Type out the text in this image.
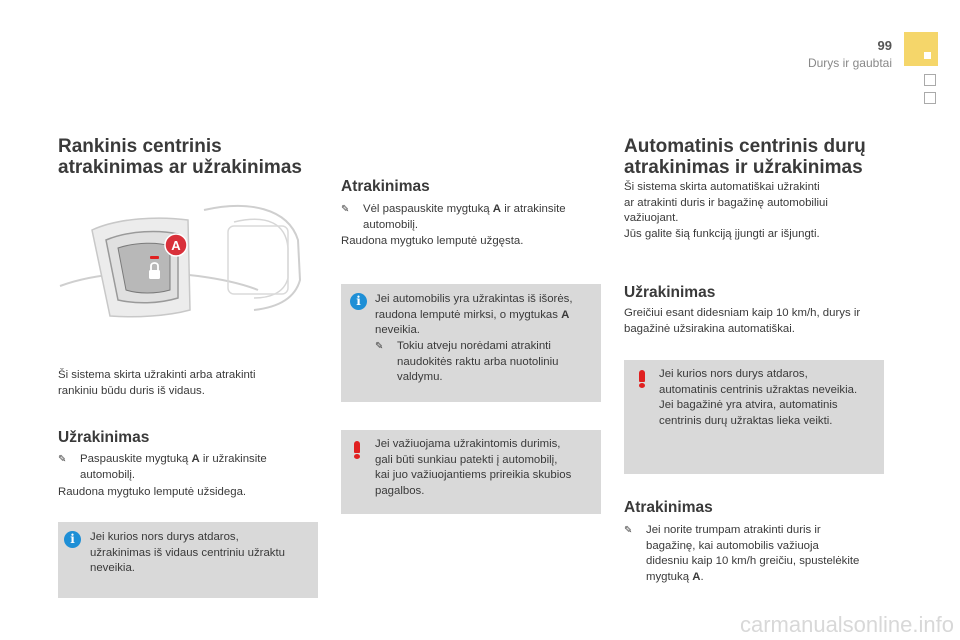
99
Durys ir gaubtai
Rankinis centrinis
atrakinimas ar užrakinimas
A
Ši sistema skirta užrakinti arba atrakinti
rankiniu būdu duris iš vidaus.
Užrakinimas
✎ Paspauskite mygtuką A ir užrakinsite
automobilį.
Raudona mygtuko lemputė užsidega.
i	Jei kurios nors durys atdaros,
užrakinimas iš vidaus centriniu užraktu
neveikia.
Atrakinimas
✎ Vėl paspauskite mygtuką A ir atrakinsite
automobilį.
Raudona mygtuko lemputė užgęsta.
i	Jei automobilis yra užrakintas iš išorės,
raudona lemputė mirksi, o mygtukas A
neveikia.
✎ Tokiu atveju norėdami atrakinti
naudokitės raktu arba nuotoliniu
valdymu.
Jei važiuojama užrakintomis durimis,
gali būti sunkiau patekti į automobilį,
kai juo važiuojantiems prireikia skubios
pagalbos.
Automatinis centrinis durų
atrakinimas ir užrakinimas
Ši sistema skirta automatiškai užrakinti
ar atrakinti duris ir bagažinę automobiliui
važiuojant.
Jūs galite šią funkciją įjungti ar išjungti.
Užrakinimas
Greičiui esant didesniam kaip 10 km/h, durys ir
bagažinė užsirakina automatiškai.
Jei kurios nors durys atdaros,
automatinis centrinis užraktas neveikia.
Jei bagažinė yra atvira, automatinis
centrinis durų užraktas lieka veikti.
Atrakinimas
✎ Jei norite trumpam atrakinti duris ir
bagažinę, kai automobilis važiuoja
didesniu kaip 10 km/h greičiu, spustelėkite
mygtuką A.
carmanualsonline.info
